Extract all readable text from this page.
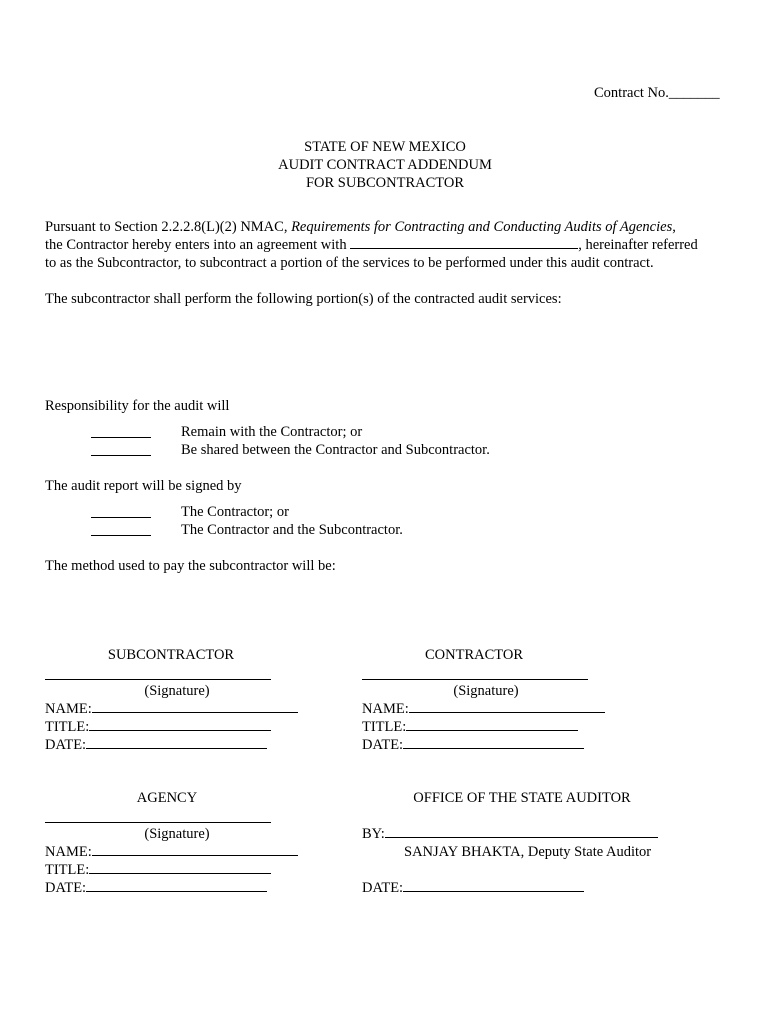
Contract No._______
STATE OF NEW MEXICO
AUDIT CONTRACT ADDENDUM
FOR SUBCONTRACTOR
Pursuant to Section 2.2.2.8(L)(2) NMAC, Requirements for Contracting and Conducting Audits of Agencies,
the Contractor hereby enters into an agreement with	, hereinafter referred
to as the Subcontractor, to subcontract a portion of the services to be performed under this audit contract.
The subcontractor shall perform the following portion(s) of the contracted audit services:
Responsibility for the audit will
Remain with the Contractor; or
Be shared between the Contractor and Subcontractor.
The audit report will be signed by
The Contractor; or
The Contractor and the Subcontractor.
The method used to pay the subcontractor will be:
SUBCONTRACTOR
(Signature)
NAME:
TITLE:
DATE:
CONTRACTOR
(Signature)
NAME:
TITLE:
DATE:
AGENCY
(Signature)
NAME:
TITLE:
DATE:
OFFICE OF THE STATE AUDITOR
BY:
SANJAY BHAKTA, Deputy State Auditor
DATE:
